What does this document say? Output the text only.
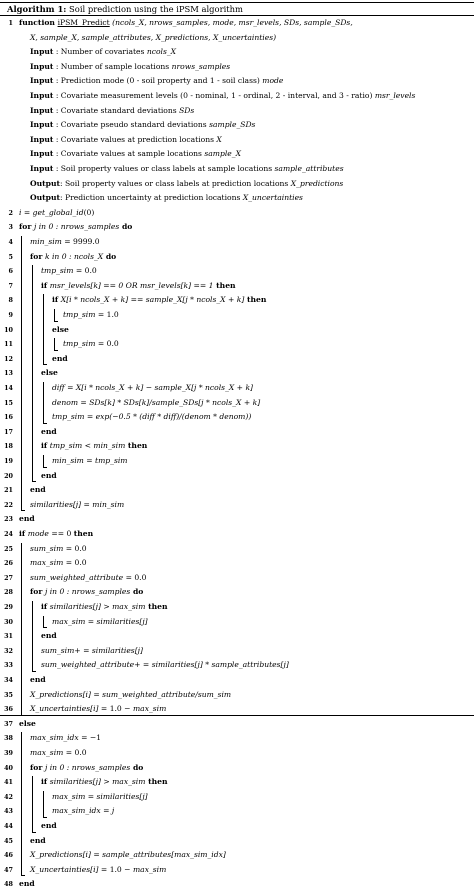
Algorithm 1: Soil prediction using the iPSM algorithm
1 function iPSM_Predict (ncols_X, nrows_samples, mode, msr_levels, SDs, sample_SDs,
X, sample_X, sample_attributes, X_predictions, X_uncertainties)
Input : Number of covariates ncols_X
Input : Number of sample locations nrows_samples
Input : Prediction mode (0 - soil property and 1 - soil class) mode
Input : Covariate measurement levels (0 - nominal, 1 - ordinal, 2 - interval, and 3 - ratio) msr_levels
Input : Covariate standard deviations SDs
Input : Covariate pseudo standard deviations sample_SDs
Input : Covariate values at prediction locations X
Input : Covariate values at sample locations sample_X
Input : Soil property values or class labels at sample locations sample_attributes
Output: Soil property values or class labels at prediction locations X_predictions
Output: Prediction uncertainty at prediction locations X_uncertainties
2 i = get_global_id(0)
3 for j in 0 : nrows_samples do
4 min_sim = 9999.0
5 for k in 0 : ncols_X do
6	tmp_sim = 0.0
7	if msr_levels[k] == 0 OR msr_levels[k] == 1 then
8	if X[i * ncols_X + k] == sample_X[j * ncols_X + k] then
9	tmp_sim = 1.0
10	else
11	tmp_sim = 0.0
12	end
13	else
14	diff = X[i * ncols_X + k] − sample_X[j * ncols_X + k]
15	denom = SDs[k] * SDs[k]/sample_SDs[j * ncols_X + k]
16	tmp_sim = exp(−0.5 * (diff * diff)/(denom * denom))
17	end
18	if tmp_sim < min_sim then
19	min_sim = tmp_sim
20	end
21 end
22 similarities[j] = min_sim
23 end
24 if mode == 0 then
25 sum_sim = 0.0
26 max_sim = 0.0
27 sum_weighted_attribute = 0.0
28 for j in 0 : nrows_samples do
29	if similarities[j] > max_sim then
30	max_sim = similarities[j]
31	end
32	sum_sim+ = similarities[j]
33	sum_weighted_attribute+ = similarities[j] * sample_attributes[j]
34 end
35 X_predictions[i] = sum_weighted_attribute/sum_sim
36 X_uncertainties[i] = 1.0 − max_sim
37 else
38 max_sim_idx = −1
39 max_sim = 0.0
40 for j in 0 : nrows_samples do
41	if similarities[j] > max_sim then
42	max_sim = similarities[j]
43	max_sim_idx = j
44	end
45 end
46 X_predictions[i] = sample_attributes[max_sim_idx]
47 X_uncertainties[i] = 1.0 − max_sim
48 end
